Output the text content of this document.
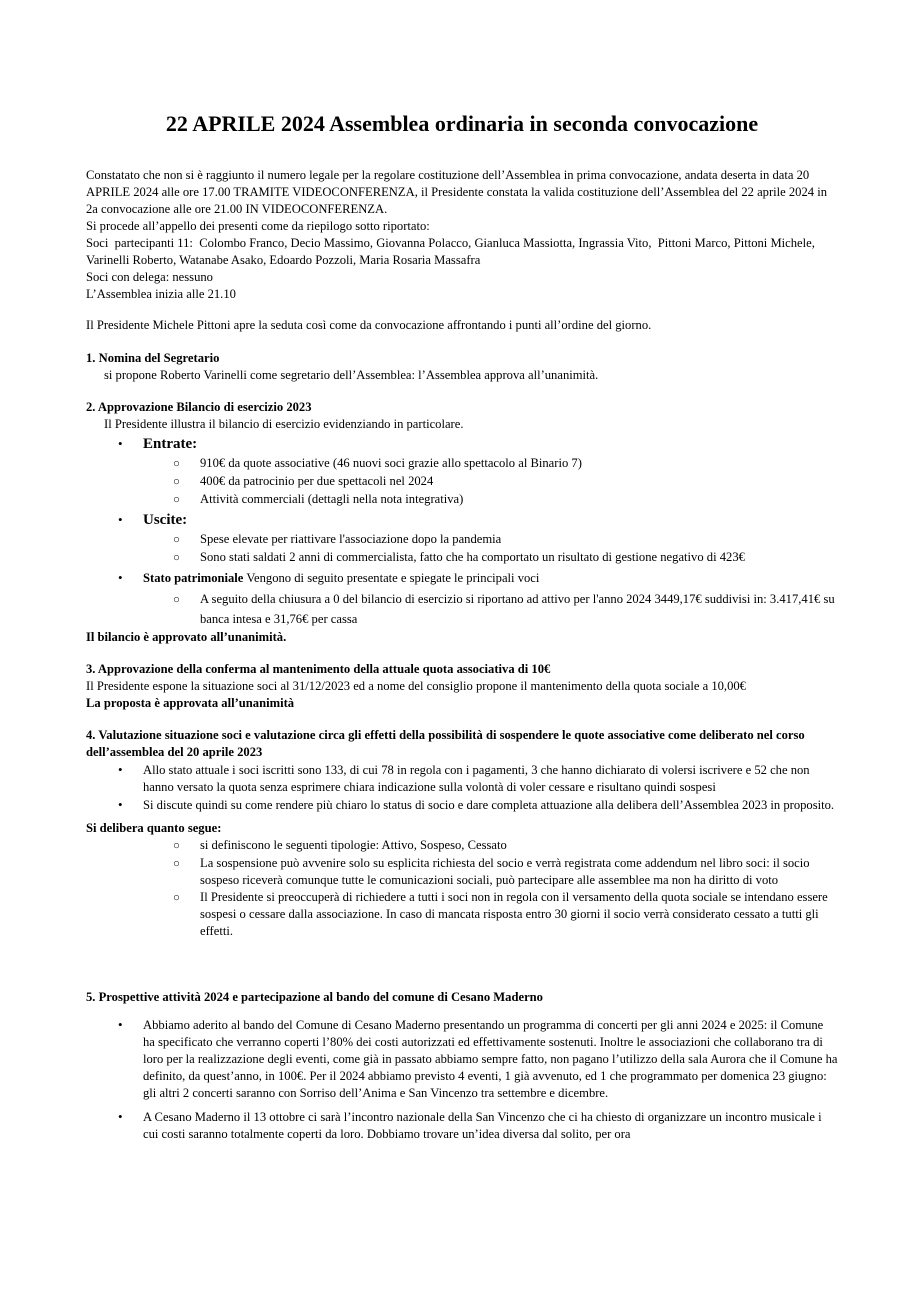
22 APRILE 2024 Assemblea ordinaria in seconda convocazione

Constatato che non si è raggiunto il numero legale per la regolare costituzione dell’Assemblea in prima convocazione, andata deserta in data 20 APRILE 2024 alle ore 17.00 TRAMITE VIDEOCONFERENZA, il Presidente constata la valida costituzione dell’Assemblea del 22 aprile 2024 in 2a convocazione alle ore 21.00 IN VIDEOCONFERENZA.

Si procede all’appello dei presenti come da riepilogo sotto riportato:

Soci  partecipanti 11:  Colombo Franco, Decio Massimo, Giovanna Polacco, Gianluca Massiotta, Ingrassia Vito,  Pittoni Marco, Pittoni Michele, Varinelli Roberto, Watanabe Asako, Edoardo Pozzoli, Maria Rosaria Massafra

Soci con delega: nessuno

L’Assemblea inizia alle 21.10

Il Presidente Michele Pittoni apre la seduta così come da convocazione affrontando i punti all’ordine del giorno.

1. Nomina del Segretario

si propone Roberto Varinelli come segretario dell’Assemblea: l’Assemblea approva all’unanimità.

2. Approvazione Bilancio di esercizio 2023

Il Presidente illustra il bilancio di esercizio evidenziando in particolare.

•	Entrate:
○	910€ da quote associative (46 nuovi soci grazie allo spettacolo al Binario 7)
○	400€ da patrocinio per due spettacoli nel 2024
○	Attività commerciali (dettagli nella nota integrativa)
•	Uscite:
○	Spese elevate per riattivare l'associazione dopo la pandemia
○	Sono stati saldati 2 anni di commercialista, fatto che ha comportato un risultato di gestione negativo di 423€
•	Stato patrimoniale Vengono di seguito presentate e spiegate le principali voci
○	A seguito della chiusura a 0 del bilancio di esercizio si riportano ad attivo per l'anno 2024 3449,17€ suddivisi in: 3.417,41€ su banca intesa e 31,76€ per cassa

Il bilancio è approvato all’unanimità.

3. Approvazione della conferma al mantenimento della attuale quota associativa di 10€

Il Presidente espone la situazione soci al 31/12/2023 ed a nome del consiglio propone il mantenimento della quota sociale a 10,00€

La proposta è approvata all’unanimità

4. Valutazione situazione soci e valutazione circa gli effetti della possibilità di sospendere le quote associative come deliberato nel corso dell’assemblea del 20 aprile 2023

•	Allo stato attuale i soci iscritti sono 133, di cui 78 in regola con i pagamenti, 3 che hanno dichiarato di volersi iscrivere e 52 che non hanno versato la quota senza esprimere chiara indicazione sulla volontà di voler cessare e risultano quindi sospesi
•	Si discute quindi su come rendere più chiaro lo status di socio e dare completa attuazione alla delibera dell’Assemblea 2023 in proposito.

Si delibera quanto segue:

○	si definiscono le seguenti tipologie: Attivo, Sospeso, Cessato
○	La sospensione può avvenire solo su esplicita richiesta del socio e verrà registrata come addendum nel libro soci: il socio sospeso riceverà comunque tutte le comunicazioni sociali, può partecipare alle assemblee ma non ha diritto di voto
○	Il Presidente si preoccuperà di richiedere a tutti i soci non in regola con il versamento della quota sociale se intendano essere sospesi o cessare dalla associazione. In caso di mancata risposta entro 30 giorni il socio verrà considerato cessato a tutti gli effetti.

5. Prospettive attività 2024 e partecipazione al bando del comune di Cesano Maderno

•	Abbiamo aderito al bando del Comune di Cesano Maderno presentando un programma di concerti per gli anni 2024 e 2025: il Comune ha specificato che verranno coperti l’80% dei costi autorizzati ed effettivamente sostenuti. Inoltre le associazioni che collaborano tra di loro per la realizzazione degli eventi, come già in passato abbiamo sempre fatto, non pagano l’utilizzo della sala Aurora che il Comune ha definito, da quest’anno, in 100€. Per il 2024 abbiamo previsto 4 eventi, 1 già avvenuto, ed 1 che programmato per domenica 23 giugno: gli altri 2 concerti saranno con Sorriso dell’Anima e San Vincenzo tra settembre e dicembre.
•	A Cesano Maderno il 13 ottobre ci sarà l’incontro nazionale della San Vincenzo che ci ha chiesto di organizzare un incontro musicale i cui costi saranno totalmente coperti da loro. Dobbiamo trovare un’idea diversa dal solito, per ora
